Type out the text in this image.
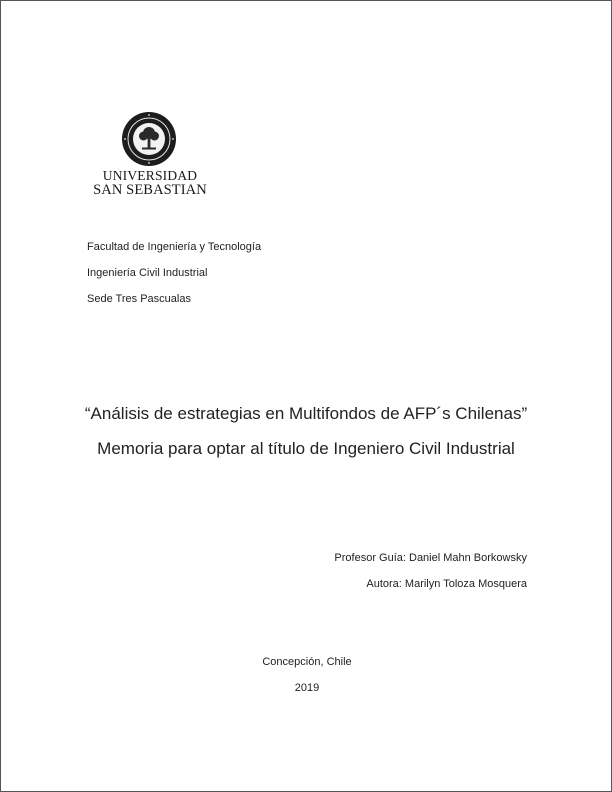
UNIVERSIDAD
SAN SEBASTIAN
Facultad de Ingeniería y Tecnología
Ingeniería Civil Industrial
Sede Tres Pascualas
“Análisis de estrategias en Multifondos de AFP´s Chilenas”
Memoria para optar al título de Ingeniero Civil Industrial
Profesor Guía: Daniel Mahn Borkowsky
Autora: Marilyn Toloza Mosquera
Concepción, Chile
2019
